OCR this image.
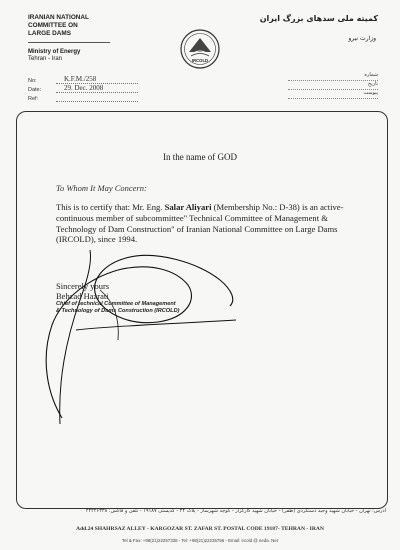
IRANIAN NATIONAL
COMMITTEE ON
LARGE DAMS
Ministry of Energy
Tehran - Iran
No:	K.F.M./258
Date:	29. Dec. 2008
Ref:
IRCOLD
کمیته ملی سدهای بزرگ ایران
وزارت نیرو
شماره
تاریخ
پیوست
In the name of GOD
To Whom It May Concern:
This is to certify that: Mr. Eng. Salar Aliyari (Membership No.: D-38) is an active-continuous member of subcommittee" Technical Committee of Management & Technology of Dam Construction" of Iranian National Committee on Large Dams (IRCOLD), since 1994.
Sincerely yours
Behzad Hazrati
Chief of technical Committee of Management
& Technology of Dams Construction (IRCOLD)
آدرس: تهران - خیابان شهید وحید دستگردی (ظفر) - خیابان شهید کارگزار - کوچه شهرساز - پلاک ۲۴ - کدپستی ۱۹۱۸۷ - تلفن و فاکس: ۲۲۲۲۶۳۳۸
Add.24 SHAHRSAZ ALLEY - KARGOZAR ST. ZAFAR ST. POSTAL CODE 19187- TEHRAN - IRAN
Tel & Fax: +98(21)22257338 - Tel: +98(21)22235756 - Email: ircold @ neda. Net
